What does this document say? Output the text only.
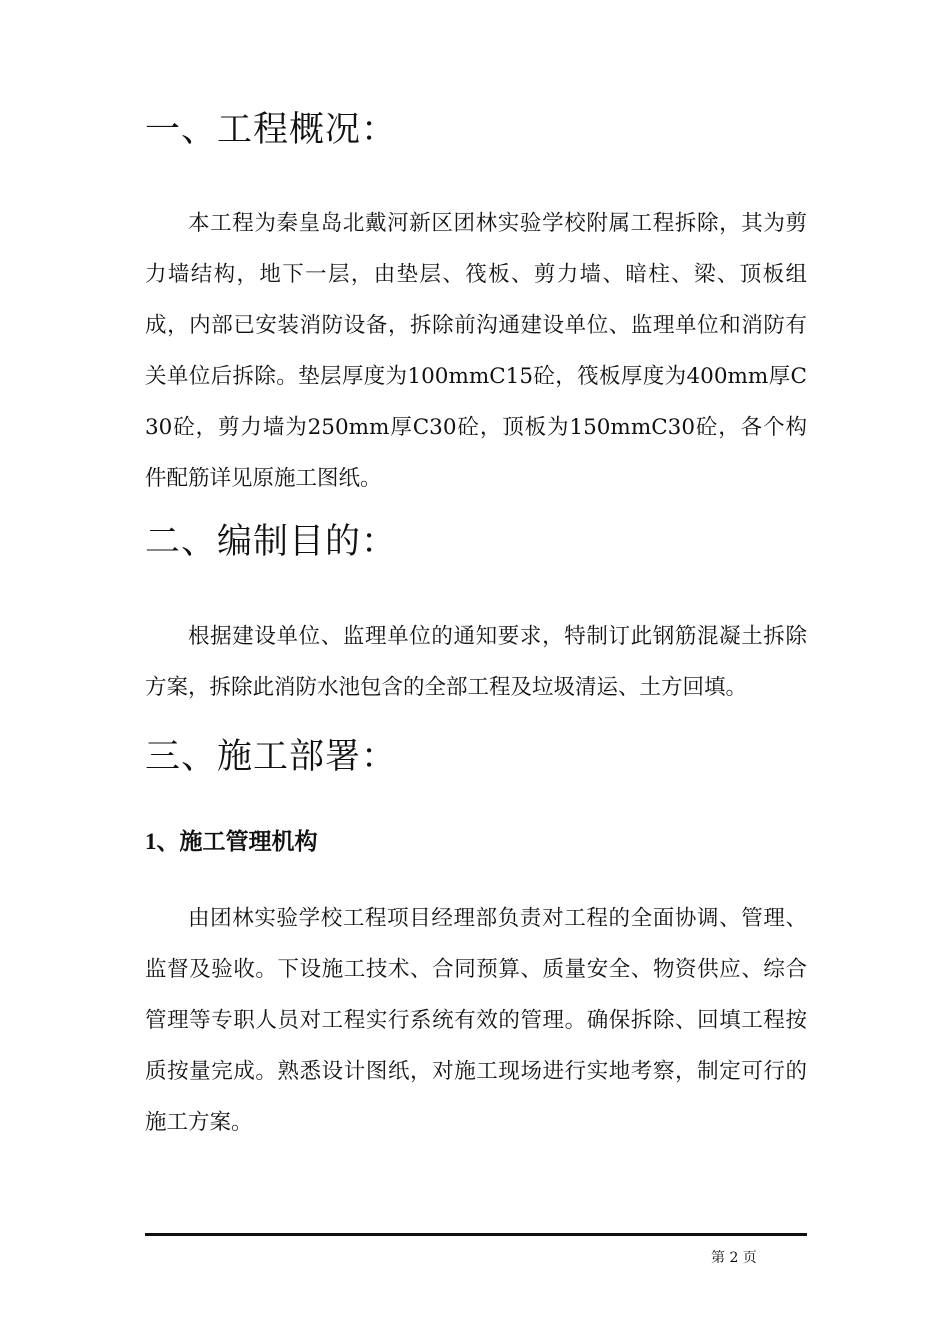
一、工程概况：

本工程为秦皇岛北戴河新区团林实验学校附属工程拆除，其为剪力墙结构，地下一层，由垫层、筏板、剪力墙、暗柱、梁、顶板组成，内部已安装消防设备，拆除前沟通建设单位、监理单位和消防有关单位后拆除。垫层厚度为100mmC15砼，筏板厚度为400mm厚C30砼，剪力墙为250mm厚C30砼，顶板为150mmC30砼，各个构件配筋详见原施工图纸。

二、编制目的：

根据建设单位、监理单位的通知要求，特制订此钢筋混凝土拆除方案，拆除此消防水池包含的全部工程及垃圾清运、土方回填。

三、施工部署：
1、施工管理机构

由团林实验学校工程项目经理部负责对工程的全面协调、管理、监督及验收。下设施工技术、合同预算、质量安全、物资供应、综合管理等专职人员对工程实行系统有效的管理。确保拆除、回填工程按质按量完成。熟悉设计图纸，对施工现场进行实地考察，制定可行的施工方案。

第 2 页
